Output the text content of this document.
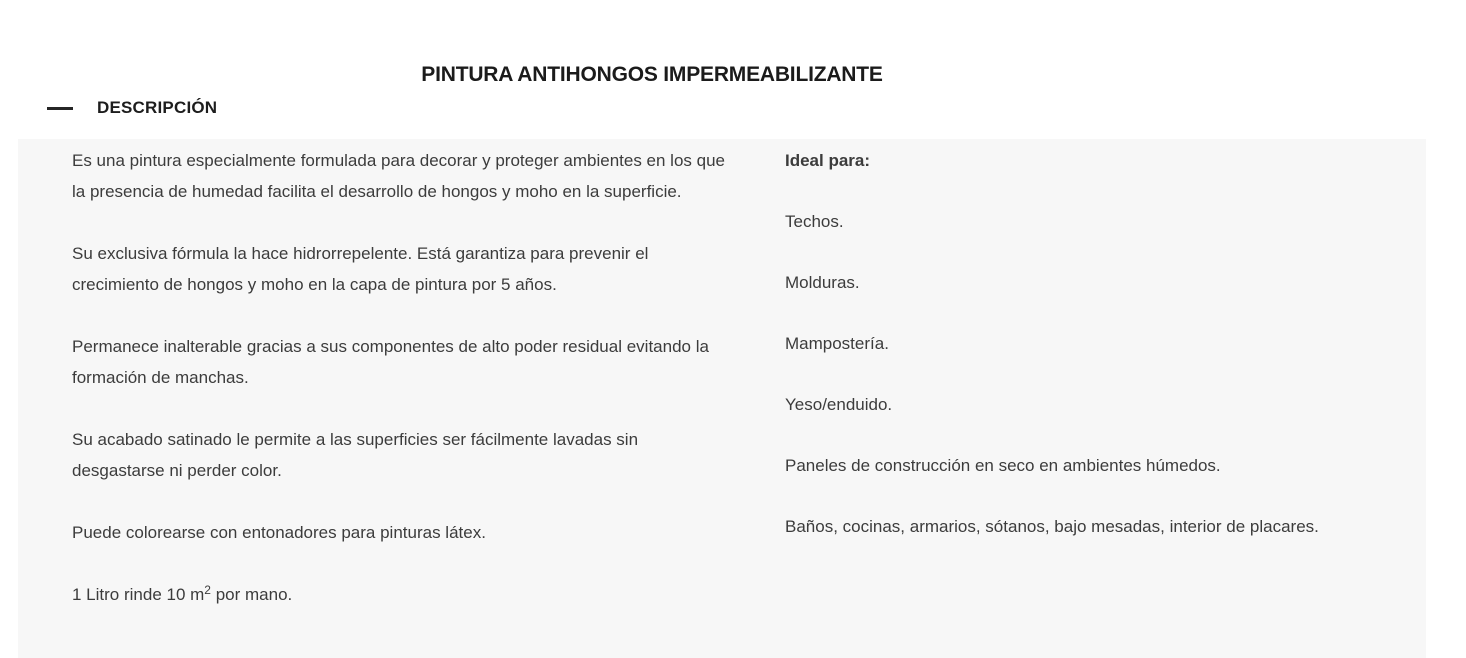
PINTURA ANTIHONGOS IMPERMEABILIZANTE
DESCRIPCIÓN

Es una pintura especialmente formulada para decorar y proteger ambientes en los que la presencia de humedad facilita el desarrollo de hongos y moho en la superficie.

Su exclusiva fórmula la hace hidrorrepelente. Está garantiza para prevenir el crecimiento de hongos y moho en la capa de pintura por 5 años.

Permanece inalterable gracias a sus componentes de alto poder residual evitando la formación de manchas.

Su acabado satinado le permite a las superficies ser fácilmente lavadas sin desgastarse ni perder color.

Puede colorearse con entonadores para pinturas látex.

1 Litro rinde 10 $m^2$ por mano.

Ideal para:

Techos.

Molduras.

Mampostería.

Yeso/enduido.

Paneles de construcción en seco en ambientes húmedos.

Baños, cocinas, armarios, sótanos, bajo mesadas, interior de placares.
